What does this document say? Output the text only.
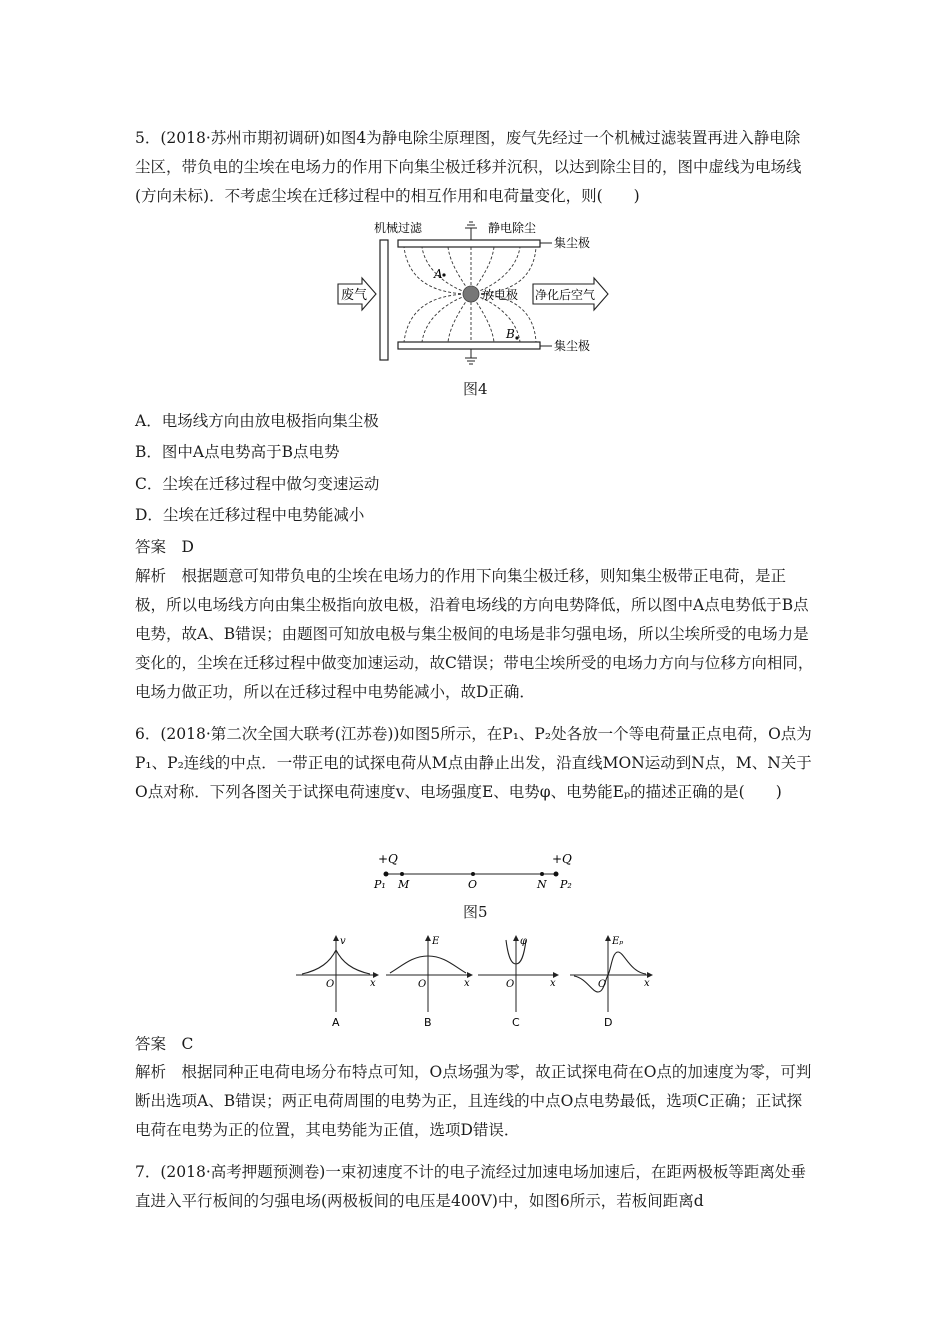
5．(2018·苏州市期初调研)如图4为静电除尘原理图，废气先经过一个机械过滤装置再进入静电除尘区，带负电的尘埃在电场力的作用下向集尘极迁移并沉积，以达到除尘目的，图中虚线为电场线(方向未标)．不考虑尘埃在迁移过程中的相互作用和电荷量变化，则(　　)

A
B
废气	净化后空气
放电极
机械过滤	静电除尘
集尘极
集尘极
图4
A．电场线方向由放电极指向集尘极
B．图中A点电势高于B点电势
C．尘埃在迁移过程中做匀变速运动
D．尘埃在迁移过程中电势能减小
答案　D

解析　根据题意可知带负电的尘埃在电场力的作用下向集尘极迁移，则知集尘极带正电荷，是正极，所以电场线方向由集尘极指向放电极，沿着电场线的方向电势降低，所以图中A点电势低于B点电势，故A、B错误；由题图可知放电极与集尘极间的电场是非匀强电场，所以尘埃所受的电场力是变化的，尘埃在迁移过程中做变加速运动，故C错误；带电尘埃所受的电场力方向与位移方向相同，电场力做正功，所以在迁移过程中电势能减小，故D正确．

6．(2018·第二次全国大联考(江苏卷))如图5所示，在P₁、P₂处各放一个等电荷量正点电荷，O点为P₁、P₂连线的中点．一带正电的试探电荷从M点由静止出发，沿直线MON运动到N点，M、N关于O点对称．下列各图关于试探电荷速度v、电场强度E、电势φ、电势能Eₚ的描述正确的是(　　)

+Q	+Q
P₁ M	O	N P₂
图5
v
O	x
A
E
O	x
B
φ
O	x
C
Eₚ
O	x
D
答案　C

解析　根据同种正电荷电场分布特点可知，O点场强为零，故正试探电荷在O点的加速度为零，可判断出选项A、B错误；两正电荷周围的电势为正，且连线的中点O点电势最低，选项C正确；正试探电荷在电势为正的位置，其电势能为正值，选项D错误．

7．(2018·高考押题预测卷)一束初速度不计的电子流经过加速电场加速后，在距两极板等距离处垂直进入平行板间的匀强电场(两极板间的电压是400V)中，如图6所示，若板间距离d
